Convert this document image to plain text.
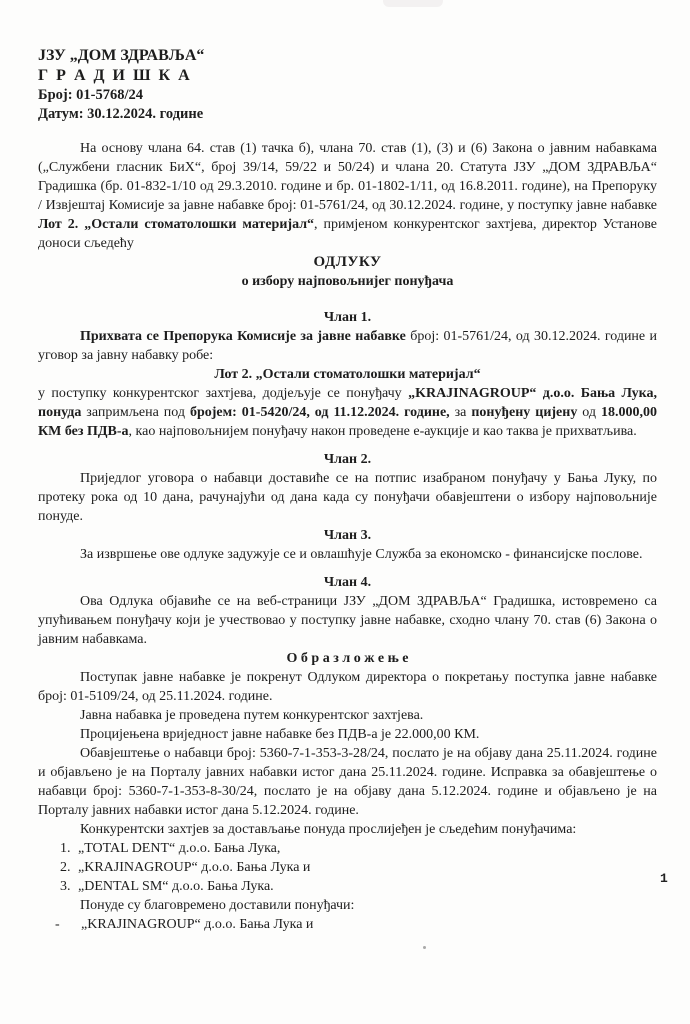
ЈЗУ „ДОМ ЗДРАВЉА“
Г Р А Д И Ш К А
Број: 01-5768/24
Датум: 30.12.2024. године
На основу члана 64. став (1) тачка б), члана 70. став (1), (3) и (6) Закона о јавним набавкама („Службени гласник БиХ“, број 39/14, 59/22 и 50/24) и члана 20. Статута ЈЗУ „ДОМ ЗДРАВЉА“ Градишка (бр. 01-832-1/10 од 29.3.2010. године и бр. 01-1802-1/11, од 16.8.2011. године), на Препоруку / Извјештај Комисије за јавне набавке број: 01-5761/24, од 30.12.2024. године, у поступку јавне набавке Лот 2. „Остали стоматолошки материјал“, примјеном конкурентског захтјева, директор Установе доноси сљедећу
ОДЛУКУ
о избору најповољнијег понуђача
Члан 1.
Прихвата се Препорука Комисије за јавне набавке број: 01-5761/24, од 30.12.2024. године и уговор за јавну набавку робе:
Лот 2. „Остали стоматолошки материјал“
у поступку конкурентског захтјева, додјељује се понуђачу „KRAJINAGROUP“ д.о.о. Бања Лука, понуда запримљена под бројем: 01-5420/24, од 11.12.2024. године, за понуђену цијену од 18.000,00 КМ без ПДВ-а, као најповољнијем понуђачу након проведене е-аукције и као таква је прихватљива.
Члан 2.
Приједлог уговора о набавци доставиће се на потпис изабраном понуђачу у Бања Луку, по протеку рока од 10 дана, рачунајући од дана када су понуђачи обавјештени о избору најповољније понуде.
Члан 3.
За извршење ове одлуке задужује се и овлашћује Служба за економско - финансијске послове.
Члан 4.
Ова Одлука објавиће се на веб-страници ЈЗУ „ДОМ ЗДРАВЉА“ Градишка, истовремено са упућивањем понуђачу који је учествовао у поступку јавне набавке, сходно члану 70. став (6) Закона о јавним набавкама.
О б р а з л о ж е њ е
Поступак јавне набавке је покренут Одлуком директора о покретању поступка јавне набавке број: 01-5109/24, од 25.11.2024. године.
Јавна набавка је проведена путем конкурентског захтјева.
Процијењена вриједност јавне набавке без ПДВ-а је 22.000,00 КМ.
Обавјештење о набавци број: 5360-7-1-353-3-28/24, послато је на објаву дана 25.11.2024. године и објављено је на Порталу јавних набавки истог дана 25.11.2024. године. Исправка за обавјештење о набавци број: 5360-7-1-353-8-30/24, послато је на објаву дана 5.12.2024. године и објављено је на Порталу јавних набавки истог дана 5.12.2024. године.
Конкурентски захтјев за достављање понуда прослијеђен је сљедећим понуђачима:
1. „TOTAL DENT“ д.о.о. Бања Лука,
2. „KRAJINAGROUP“ д.о.о. Бања Лука и
3. „DENTAL SM“ д.о.о. Бања Лука.
Понуде су благовремено доставили понуђачи:
- „KRAJINAGROUP“ д.о.о. Бања Лука и
1
